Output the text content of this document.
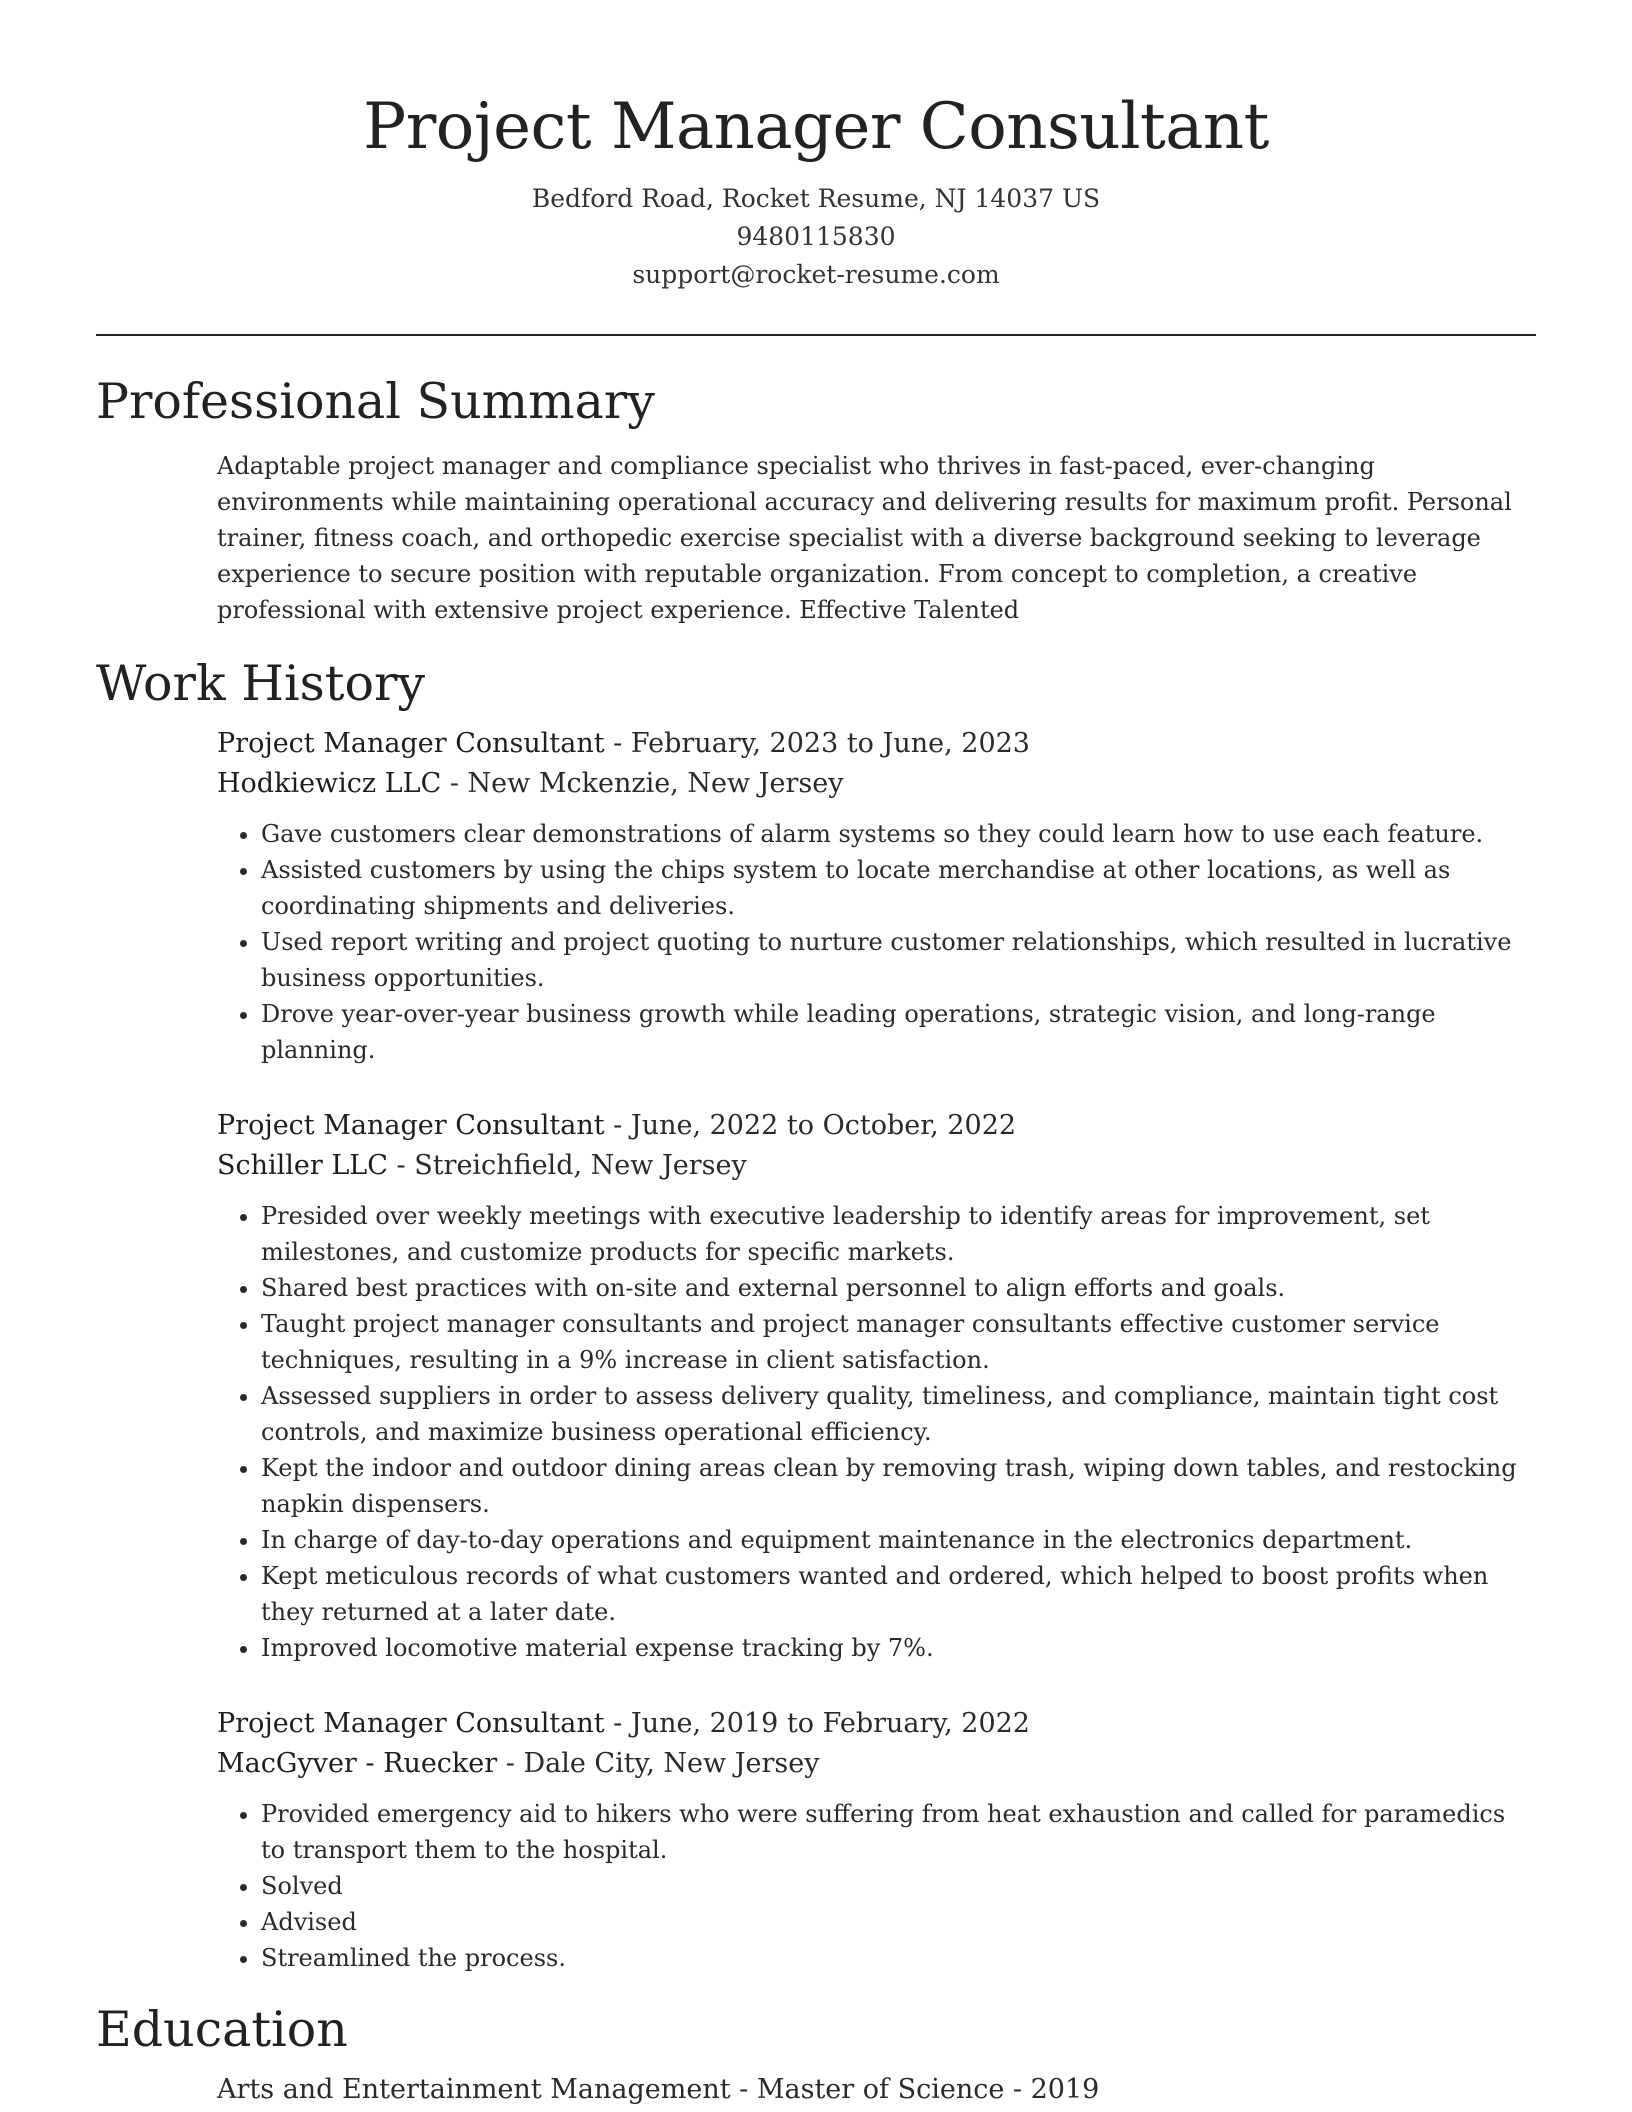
Project Manager Consultant
Bedford Road, Rocket Resume, NJ 14037 US
9480115830
support@rocket-resume.com
Professional Summary
Adaptable project manager and compliance specialist who thrives in fast-paced, ever-changing environments while maintaining operational accuracy and delivering results for maximum profit. Personal trainer, fitness coach, and orthopedic exercise specialist with a diverse background seeking to leverage experience to secure position with reputable organization. From concept to completion, a creative professional with extensive project experience. Effective Talented
Work History
Project Manager Consultant - February, 2023 to June, 2023
Hodkiewicz LLC - New Mckenzie, New Jersey
• Gave customers clear demonstrations of alarm systems so they could learn how to use each feature.
• Assisted customers by using the chips system to locate merchandise at other locations, as well as coordinating shipments and deliveries.
• Used report writing and project quoting to nurture customer relationships, which resulted in lucrative business opportunities.
• Drove year-over-year business growth while leading operations, strategic vision, and long-range planning.
Project Manager Consultant - June, 2022 to October, 2022
Schiller LLC - Streichfield, New Jersey
• Presided over weekly meetings with executive leadership to identify areas for improvement, set milestones, and customize products for specific markets.
• Shared best practices with on-site and external personnel to align efforts and goals.
• Taught project manager consultants and project manager consultants effective customer service techniques, resulting in a 9% increase in client satisfaction.
• Assessed suppliers in order to assess delivery quality, timeliness, and compliance, maintain tight cost controls, and maximize business operational efficiency.
• Kept the indoor and outdoor dining areas clean by removing trash, wiping down tables, and restocking napkin dispensers.
• In charge of day-to-day operations and equipment maintenance in the electronics department.
• Kept meticulous records of what customers wanted and ordered, which helped to boost profits when they returned at a later date.
• Improved locomotive material expense tracking by 7%.
Project Manager Consultant - June, 2019 to February, 2022
MacGyver - Ruecker - Dale City, New Jersey
• Provided emergency aid to hikers who were suffering from heat exhaustion and called for paramedics to transport them to the hospital.
• Solved
• Advised
• Streamlined the process.
Education
Arts and Entertainment Management - Master of Science - 2019
